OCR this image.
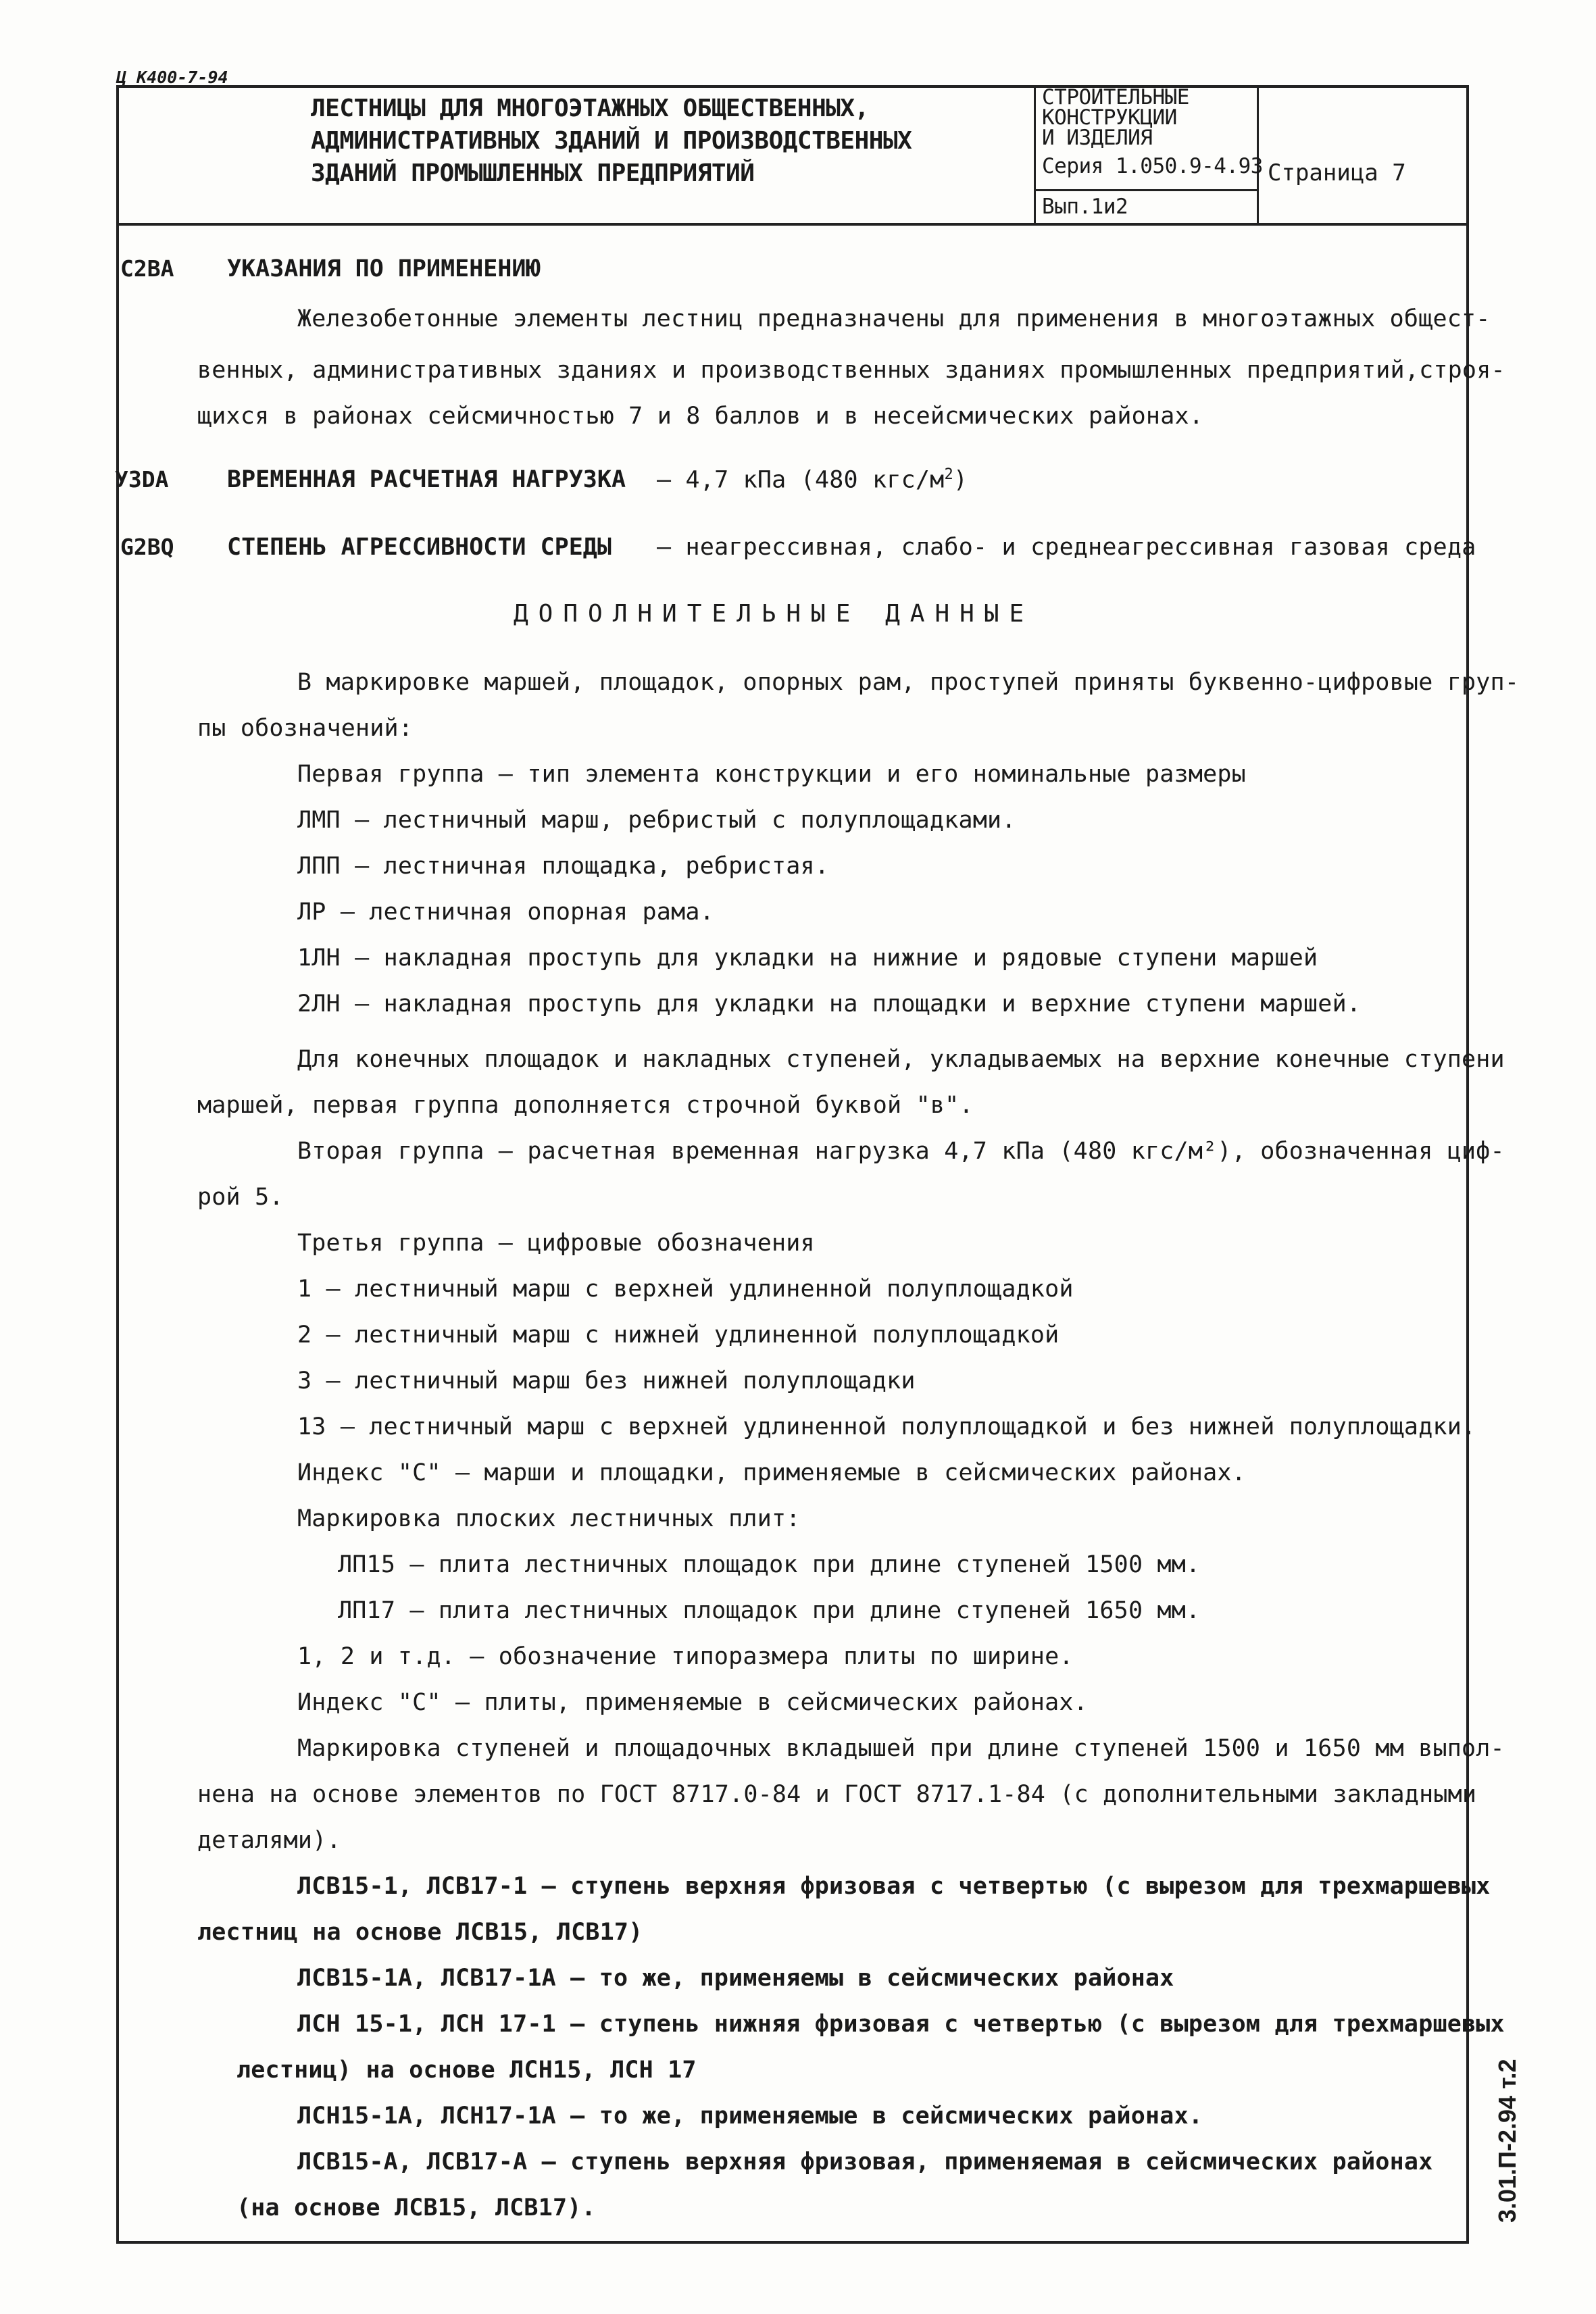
Ц К400-7-94
ЛЕСТНИЦЫ ДЛЯ МНОГОЭТАЖНЫХ ОБЩЕСТВЕННЫХ,
АДМИНИСТРАТИВНЫХ ЗДАНИЙ И ПРОИЗВОДСТВЕННЫХ
ЗДАНИЙ ПРОМЫШЛЕННЫХ ПРЕДПРИЯТИЙ
СТРОИТЕЛЬНЫЕ
КОНСТРУКЦИИ
И ИЗДЕЛИЯ
Серия 1.050.9-4.93
Вып.1и2
Страница 7
C2BA УКАЗАНИЯ ПО ПРИМЕНЕНИЮ
Железобетонные элементы лестниц предназначены для применения в многоэтажных общест-
венных, административных зданиях и производственных зданиях промышленных предприятий,строя-
щихся в районах сейсмичностью 7 и 8 баллов и в несейсмических районах.
У3DA ВРЕМЕННАЯ РАСЧЕТНАЯ НАГРУЗКА – 4,7 кПа (480 кгс/$м^2$)
G2BQ СТЕПЕНЬ АГРЕССИВНОСТИ СРЕДЫ – неагрессивная, слабо- и среднеагрессивная газовая среда
ДОПОЛНИТЕЛЬНЫЕ ДАННЫЕ
В маркировке маршей, площадок, опорных рам, проступей приняты буквенно-цифровые груп-
пы обозначений:
Первая группа – тип элемента конструкции и его номинальные размеры
ЛМП – лестничный марш, ребристый с полуплощадками.
ЛПП – лестничная площадка, ребристая.
ЛР – лестничная опорная рама.
1ЛН – накладная проступь для укладки на нижние и рядовые ступени маршей
2ЛН – накладная проступь для укладки на площадки и верхние ступени маршей.
Для конечных площадок и накладных ступеней, укладываемых на верхние конечные ступени
маршей, первая группа дополняется строчной буквой "в".
Вторая группа – расчетная временная нагрузка 4,7 кПа (480 кгс/м²), обозначенная циф-
рой 5.
Третья группа – цифровые обозначения
1 – лестничный марш с верхней удлиненной полуплощадкой
2 – лестничный марш с нижней удлиненной полуплощадкой
3 – лестничный марш без нижней полуплощадки
13 – лестничный марш с верхней удлиненной полуплощадкой и без нижней полуплощадки.
Индекс "С" – марши и площадки, применяемые в сейсмических районах.
Маркировка плоских лестничных плит:
ЛП15 – плита лестничных площадок при длине ступеней 1500 мм.
ЛП17 – плита лестничных площадок при длине ступеней 1650 мм.
1, 2 и т.д. – обозначение типоразмера плиты по ширине.
Индекс "С" – плиты, применяемые в сейсмических районах.
Маркировка ступеней и площадочных вкладышей при длине ступеней 1500 и 1650 мм выпол-
нена на основе элементов по ГОСТ 8717.0-84 и ГОСТ 8717.1-84 (с дополнительными закладными
деталями).
ЛСВ15-1, ЛСВ17-1 – ступень верхняя фризовая с четвертью (с вырезом для трехмаршевых
лестниц на основе ЛСВ15, ЛСВ17)
ЛСВ15-1А, ЛСВ17-1А – то же, применяемы в сейсмических районах
ЛСН 15-1, ЛСН 17-1 – ступень нижняя фризовая с четвертью (с вырезом для трехмаршевых
лестниц) на основе ЛСН15, ЛСН 17
ЛСН15-1А, ЛСН17-1А – то же, применяемые в сейсмических районах.
ЛСВ15-А, ЛСВ17-А – ступень верхняя фризовая, применяемая в сейсмических районах
(на основе ЛСВ15, ЛСВ17).	3.01.П-2.94 т.2
